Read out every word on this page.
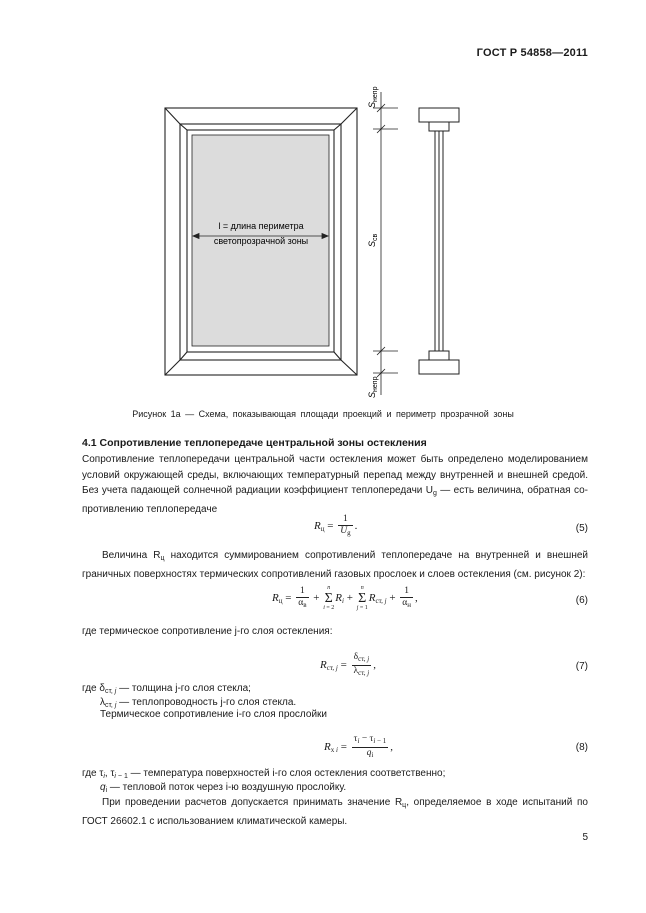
ГОСТ Р 54858—2011
l = длина периметра
светопрозрачной зоны
$S_{непр}$
$S_{св}$
$S_{непр}$
Рисунок 1а — Схема, показывающая площади проекций и периметр прозрачной зоны
4.1 Сопротивление теплопередаче центральной зоны остекления
Сопротивление теплопередачи центральной части остекления может быть определено моделированием условий окружающей среды, включающих температурный перепад между внутренней и внешней средой. Без учета падающей солнечной радиации коэффициент теплопередачи $U_g$ — есть величина, обратная со-противлению теплопередаче
$R_ц = \frac{1}{U_g}$ .	(5)
Величина $R_ц$ находится суммированием сопротивлений теплопередаче на внутренней и внешней граничных поверхностях термических сопротивлений газовых прослоек и слоев остекления (см. рисунок 2):
$R_ц = \frac{1}{\alpha_в} + n$
Σ
$i = 2R_i + n$
Σ
$j = 1R_{ст, j} + \frac{1}{\alpha_н}$ ,	(6)
где термическое сопротивление j-го слоя остекления:
$R_{ст, j} = \frac{\delta_{ст, j}}{\lambda_{ст, j}}$ ,	(7)
где $\delta_{ст, j}$ — толщина j-го слоя стекла;
$\lambda_{ст, j}$ — теплопроводность j-го слоя стекла.
Термическое сопротивление i-го слоя прослойки
$R_{х i} = \frac{\tau_i - \tau_{i - 1}}{q_i}$ ,	(8)
где $\tau_i$, $\tau_{i - 1}$ — температура поверхностей i-го слоя остекления соответственно;
$q_i$ — тепловой поток через i-ю воздушную прослойку.
При проведении расчетов допускается принимать значение $R_ц$, определяемое в ходе испытаний по ГОСТ 26602.1 с использованием климатической камеры.
5
